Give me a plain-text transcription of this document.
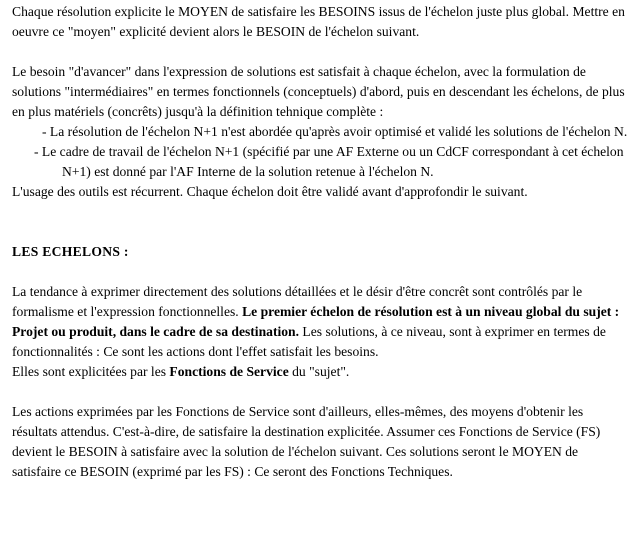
Chaque résolution explicite le MOYEN de satisfaire les BESOINS issus de l'échelon juste plus global. Mettre en oeuvre ce "moyen" explicité devient alors le BESOIN de l'échelon suivant.

Le besoin "d'avancer" dans l'expression de solutions est satisfait à chaque échelon, avec la formulation de solutions "intermédiaires" en termes fonctionnels (conceptuels) d'abord, puis en descendant les échelons, de plus en plus matériels (concrêts) jusqu'à la définition tehnique complète :

- La résolution de l'échelon N+1 n'est abordée qu'après avoir optimisé et validé les solutions de l'échelon N.

- Le cadre de travail de l'échelon N+1 (spécifié par une AF Externe ou un CdCF correspondant à cet échelon N+1) est donné par l'AF Interne de la solution retenue à l'échelon N.

L'usage des outils est récurrent. Chaque échelon doit être validé avant d'approfondir le suivant.

LES ECHELONS :

La tendance à exprimer directement des solutions détaillées et le désir d'être concrêt sont contrôlés par le formalisme et l'expression fonctionnelles. Le premier échelon de résolution est à un niveau global du sujet : Projet ou produit, dans le cadre de sa destination. Les solutions, à ce niveau, sont à exprimer en termes de fonctionnalités : Ce sont les actions dont l'effet satisfait les besoins.

Elles sont explicitées par les Fonctions de Service du "sujet".

Les actions exprimées par les Fonctions de Service sont d'ailleurs, elles-mêmes, des moyens d'obtenir les résultats attendus. C'est-à-dire, de satisfaire la destination explicitée. Assumer ces Fonctions de Service (FS) devient le BESOIN à satisfaire avec la solution de l'échelon suivant. Ces solutions seront le MOYEN de satisfaire ce BESOIN (exprimé par les FS) : Ce seront des Fonctions Techniques.
